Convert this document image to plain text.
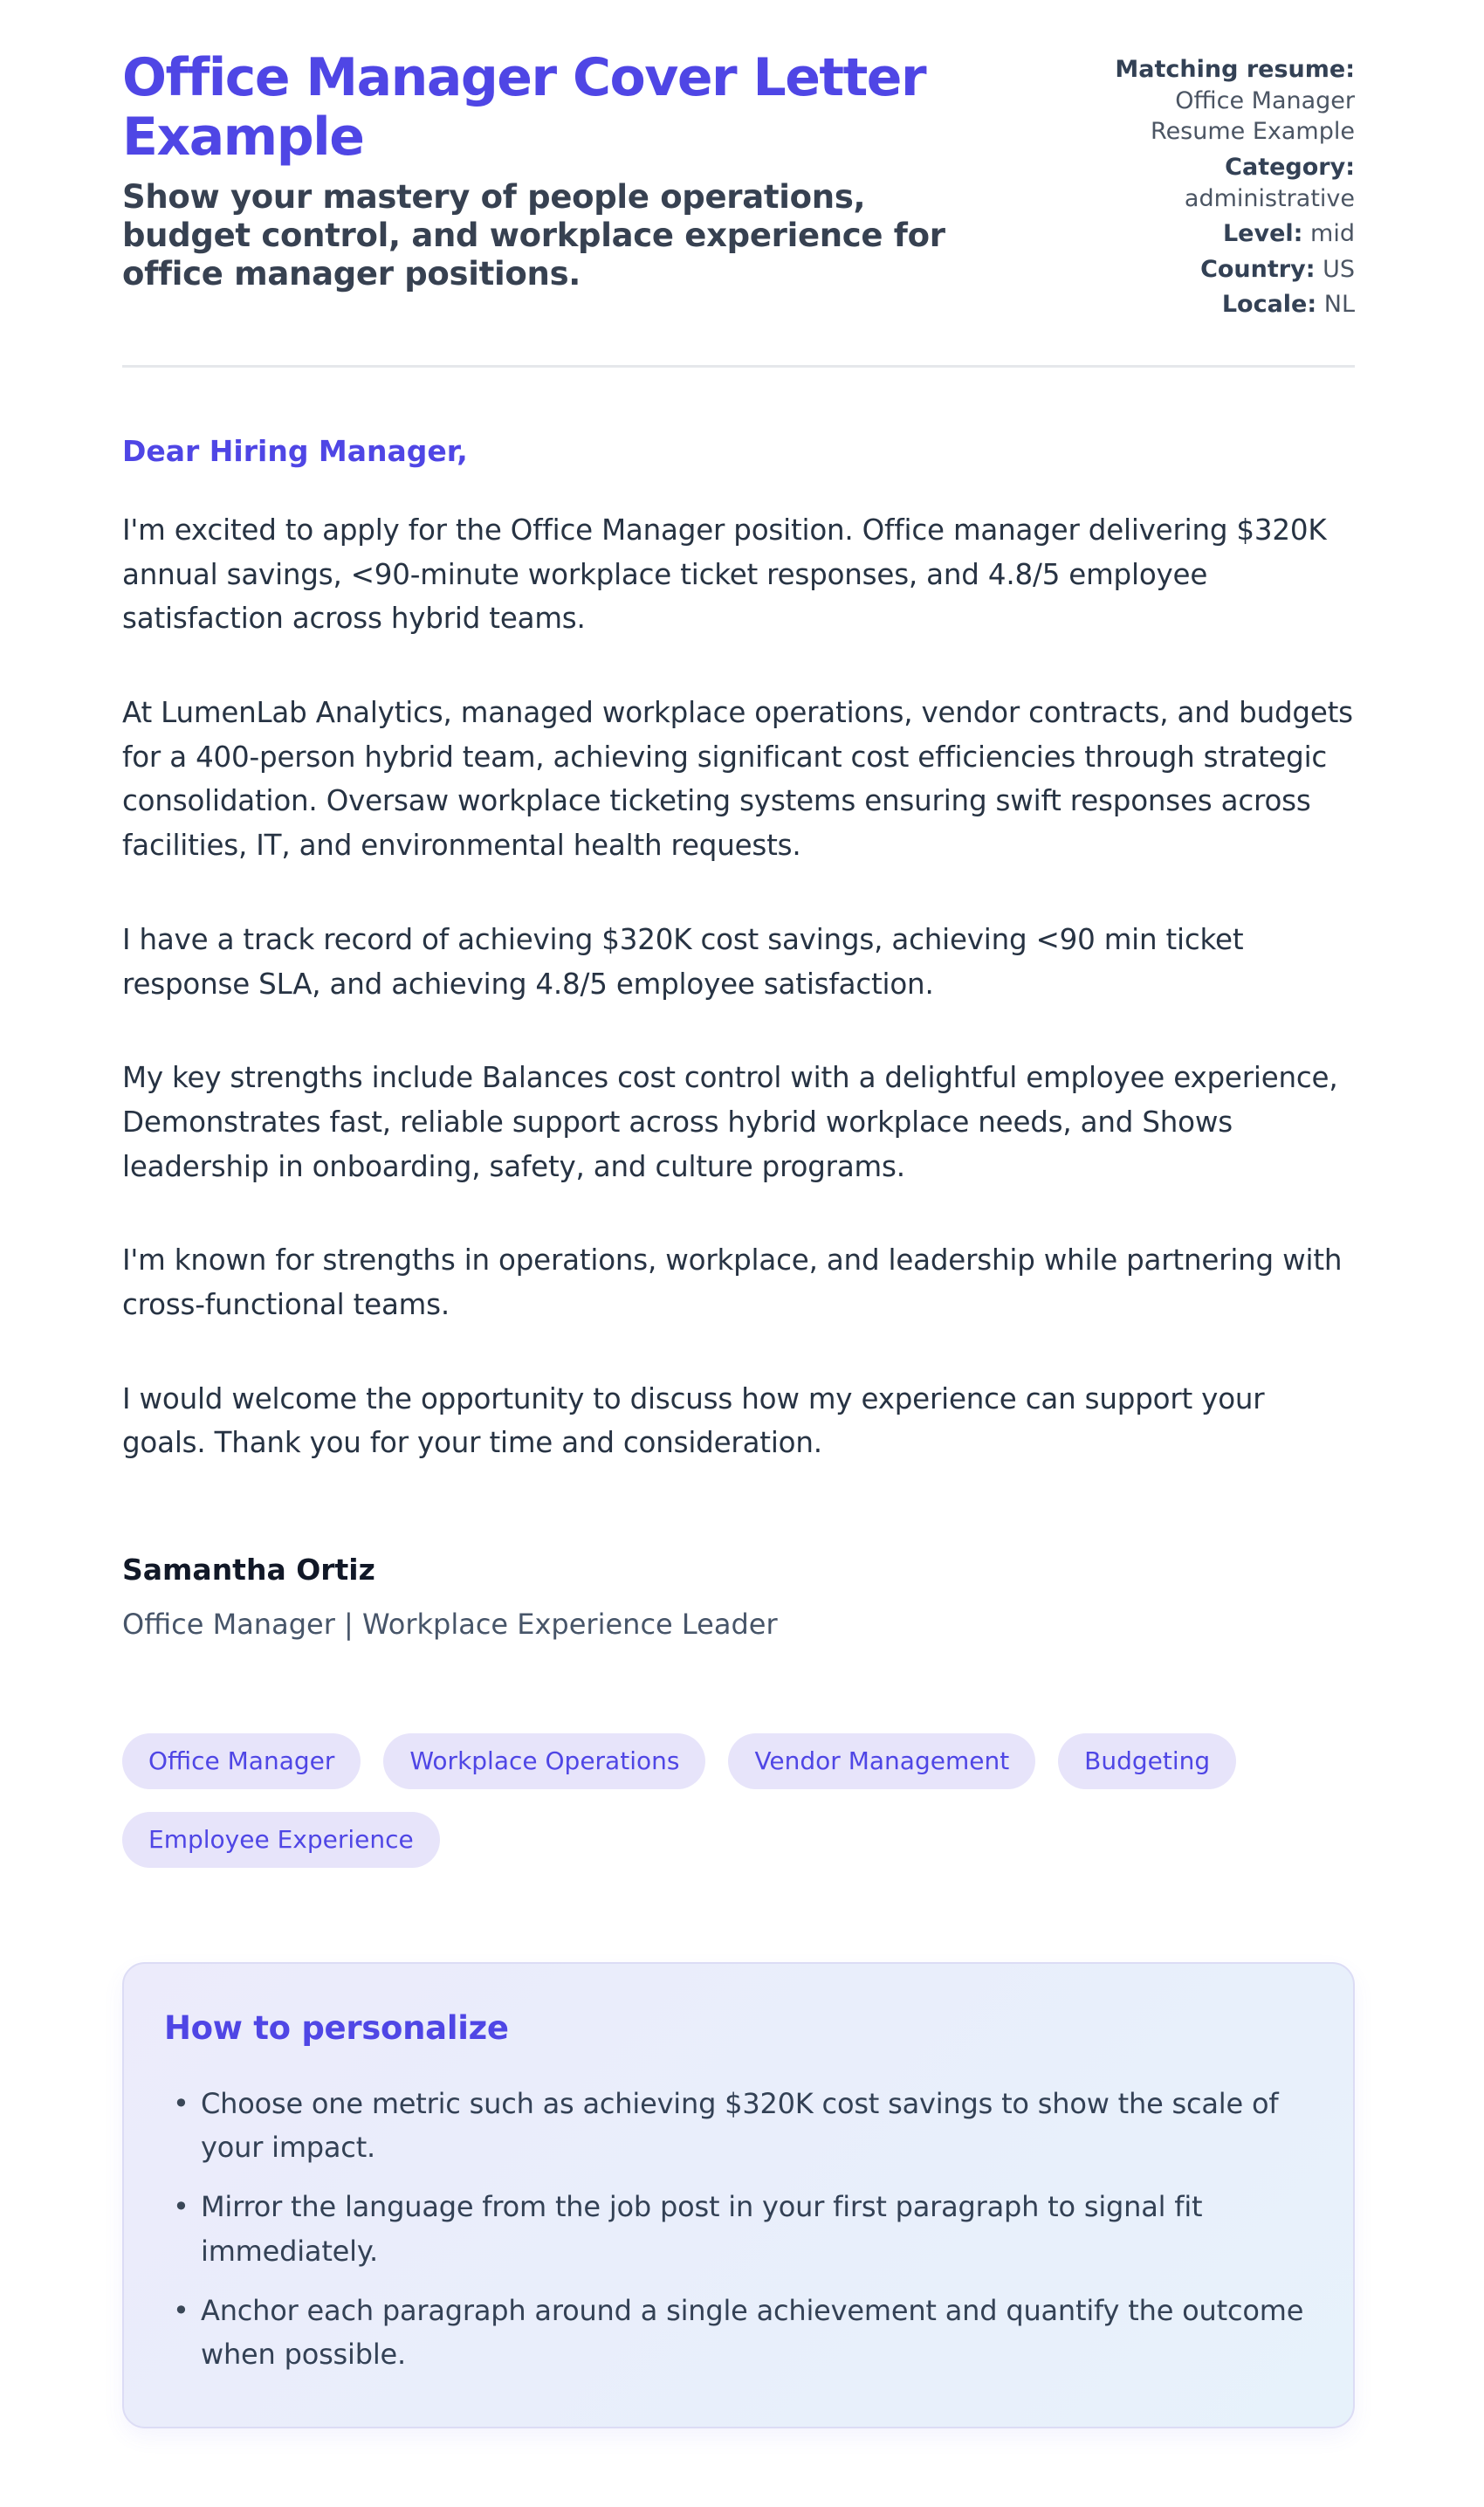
Office Manager Cover Letter Example

Show your mastery of people operations, budget control, and workplace experience for office manager positions.

Matching resume: Office Manager Resume Example
Category: administrative
Level: mid
Country: US
Locale: NL

Dear Hiring Manager,

I'm excited to apply for the Office Manager position. Office manager delivering $320K annual savings, <90-minute workplace ticket responses, and 4.8/5 employee satisfaction across hybrid teams.

At LumenLab Analytics, managed workplace operations, vendor contracts, and budgets for a 400-person hybrid team, achieving significant cost efficiencies through strategic consolidation. Oversaw workplace ticketing systems ensuring swift responses across facilities, IT, and environmental health requests.

I have a track record of achieving $320K cost savings, achieving <90 min ticket response SLA, and achieving 4.8/5 employee satisfaction.

My key strengths include Balances cost control with a delightful employee experience, Demonstrates fast, reliable support across hybrid workplace needs, and Shows leadership in onboarding, safety, and culture programs.

I'm known for strengths in operations, workplace, and leadership while partnering with cross-functional teams.

I would welcome the opportunity to discuss how my experience can support your goals. Thank you for your time and consideration.

Samantha Ortiz

Office Manager | Workplace Experience Leader

Office Manager	Workplace Operations	Vendor Management	Budgeting
Employee Experience
How to personalize
• Choose one metric such as achieving $320K cost savings to show the scale of your impact.
• Mirror the language from the job post in your first paragraph to signal fit immediately.
• Anchor each paragraph around a single achievement and quantify the outcome when possible.
